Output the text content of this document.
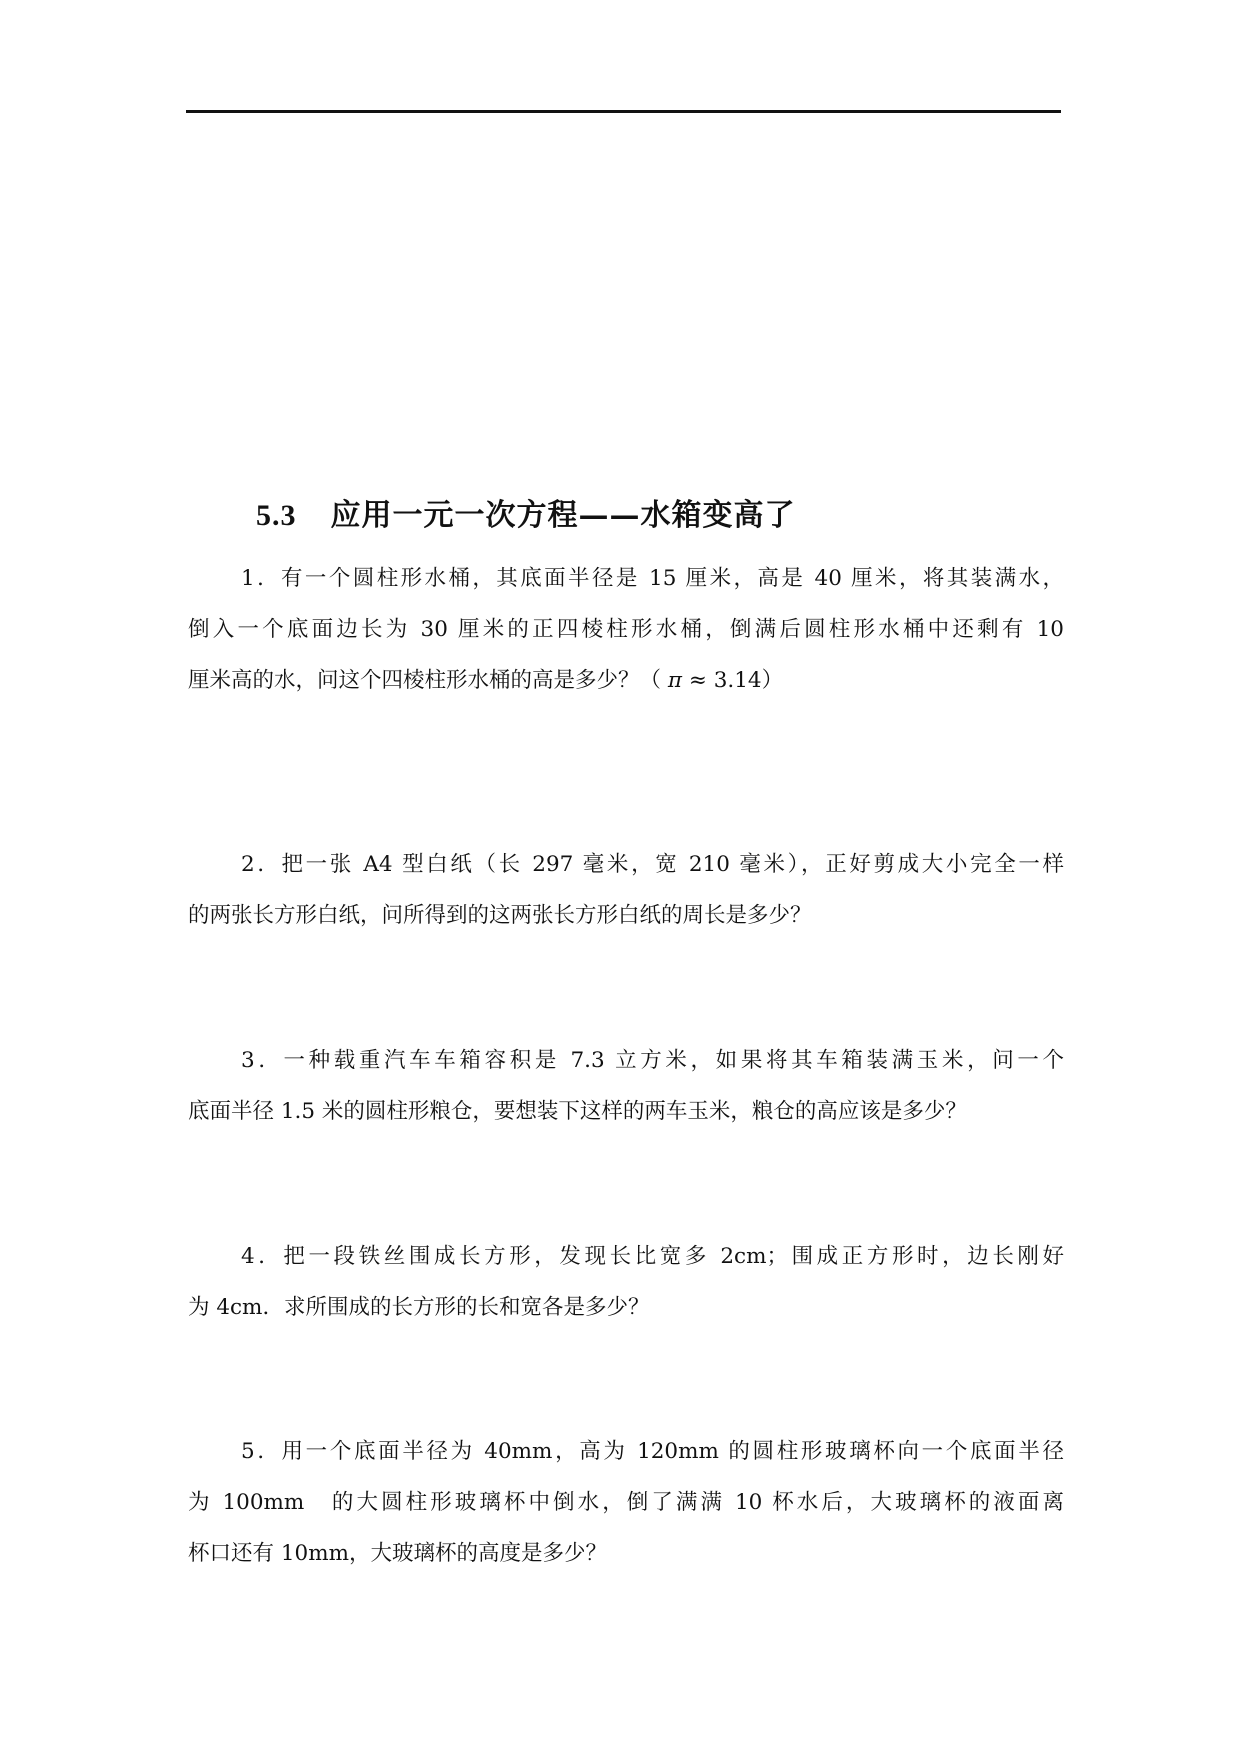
5.3 应用一元一次方程——水箱变高了
1．有一个圆柱形水桶，其底面半径是 15 厘米，高是 40 厘米，将其装满水，
倒入一个底面边长为 30 厘米的正四棱柱形水桶，倒满后圆柱形水桶中还剩有 10
厘米高的水，问这个四棱柱形水桶的高是多少？（ π ≈ 3.14）
2．把一张 A4 型白纸（长 297 毫米，宽 210 毫米），正好剪成大小完全一样
的两张长方形白纸，问所得到的这两张长方形白纸的周长是多少？
3．一种载重汽车车箱容积是 7.3 立方米，如果将其车箱装满玉米，问一个
底面半径 1.5 米的圆柱形粮仓，要想装下这样的两车玉米，粮仓的高应该是多少？
4．把一段铁丝围成长方形，发现长比宽多 2cm；围成正方形时，边长刚好
为 4cm．求所围成的长方形的长和宽各是多少？
5．用一个底面半径为 40mm，高为 120mm 的圆柱形玻璃杯向一个底面半径
为 100mm　的大圆柱形玻璃杯中倒水，倒了满满 10 杯水后，大玻璃杯的液面离
杯口还有 10mm，大玻璃杯的高度是多少？
